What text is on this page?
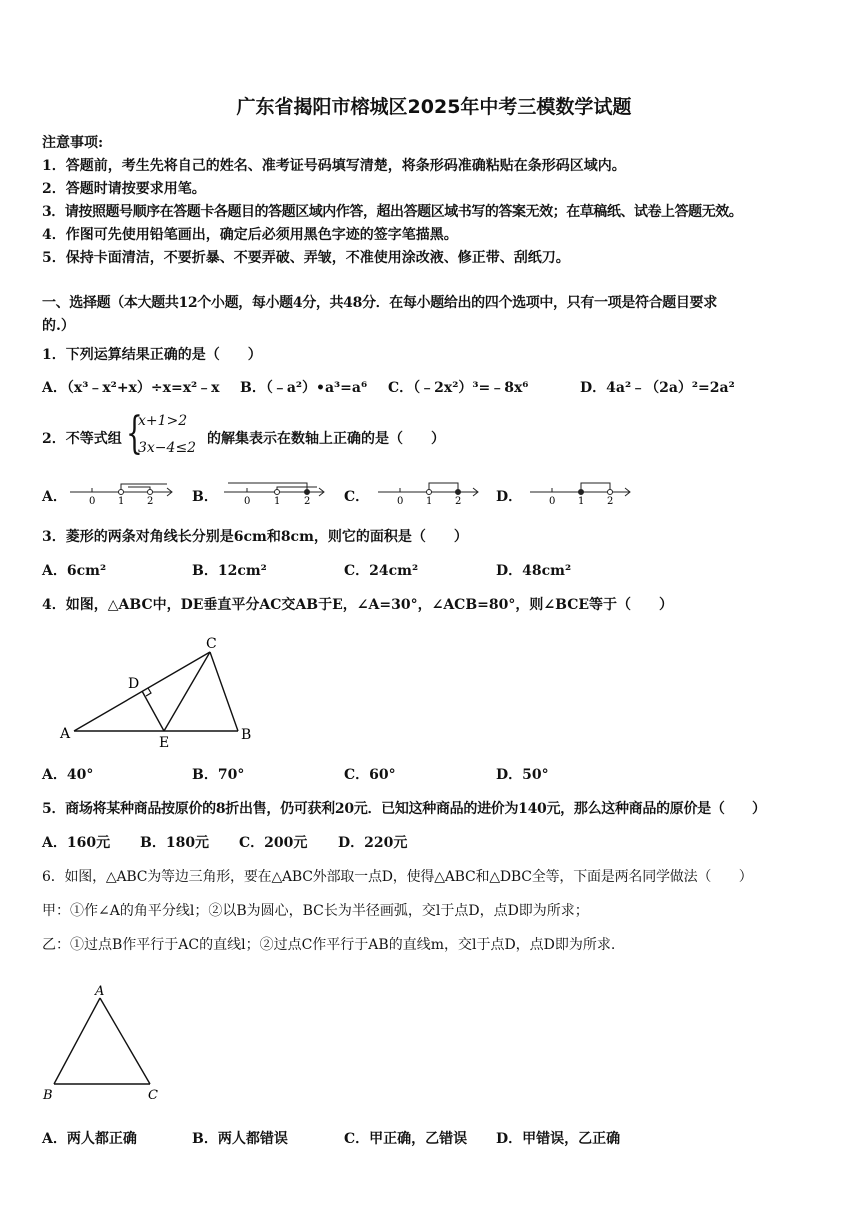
广东省揭阳市榕城区2025年中考三模数学试题
注意事项:
1．答题前，考生先将自己的姓名、准考证号码填写清楚，将条形码准确粘贴在条形码区域内。
2．答题时请按要求用笔。
3．请按照题号顺序在答题卡各题目的答题区域内作答，超出答题区域书写的答案无效；在草稿纸、试卷上答题无效。
4．作图可先使用铅笔画出，确定后必须用黑色字迹的签字笔描黑。
5．保持卡面清洁，不要折暴、不要弄破、弄皱，不准使用涂改液、修正带、刮纸刀。
一、选择题（本大题共12个小题，每小题4分，共48分．在每小题给出的四个选项中，只有一项是符合题目要求
的.）
1．下列运算结果正确的是（　　）
A．（x³﹣x²+x）÷x=x²﹣x B．（﹣a²）•a³=a⁶ C．（﹣2x²）³=﹣8x⁶	D．4a²﹣（2a）²=2a²
2．不等式组 {
x+1>2
3x−4≤2
的解集表示在数轴上正确的是（　　）
A．	B．	C．	D．
0 1 2	0 1 2	0 1 2	0 1 2
3．菱形的两条对角线长分别是6cm和8cm，则它的面积是（　　）
A．6cm²	B．12cm²	C．24cm²	D．48cm²
4．如图，△ABC中，DE垂直平分AC交AB于E，∠A=30°，∠ACB=80°，则∠BCE等于（　　）
A	B
C
D
E
A．40°	B．70°	C．60°	D．50°
5．商场将某种商品按原价的8折出售，仍可获利20元．已知这种商品的进价为140元，那么这种商品的原价是（　　）
A．160元 B．180元 C．200元 D．220元
6．如图，△ABC为等边三角形，要在△ABC外部取一点D，使得△ABC和△DBC全等，下面是两名同学做法（　　）
甲：①作∠A的角平分线l；②以B为圆心，BC长为半径画弧，交l于点D，点D即为所求；
乙：①过点B作平行于AC的直线l；②过点C作平行于AB的直线m，交l于点D，点D即为所求.
A
B	C
A．两人都正确	B．两人都错误	C．甲正确，乙错误 D．甲错误，乙正确
